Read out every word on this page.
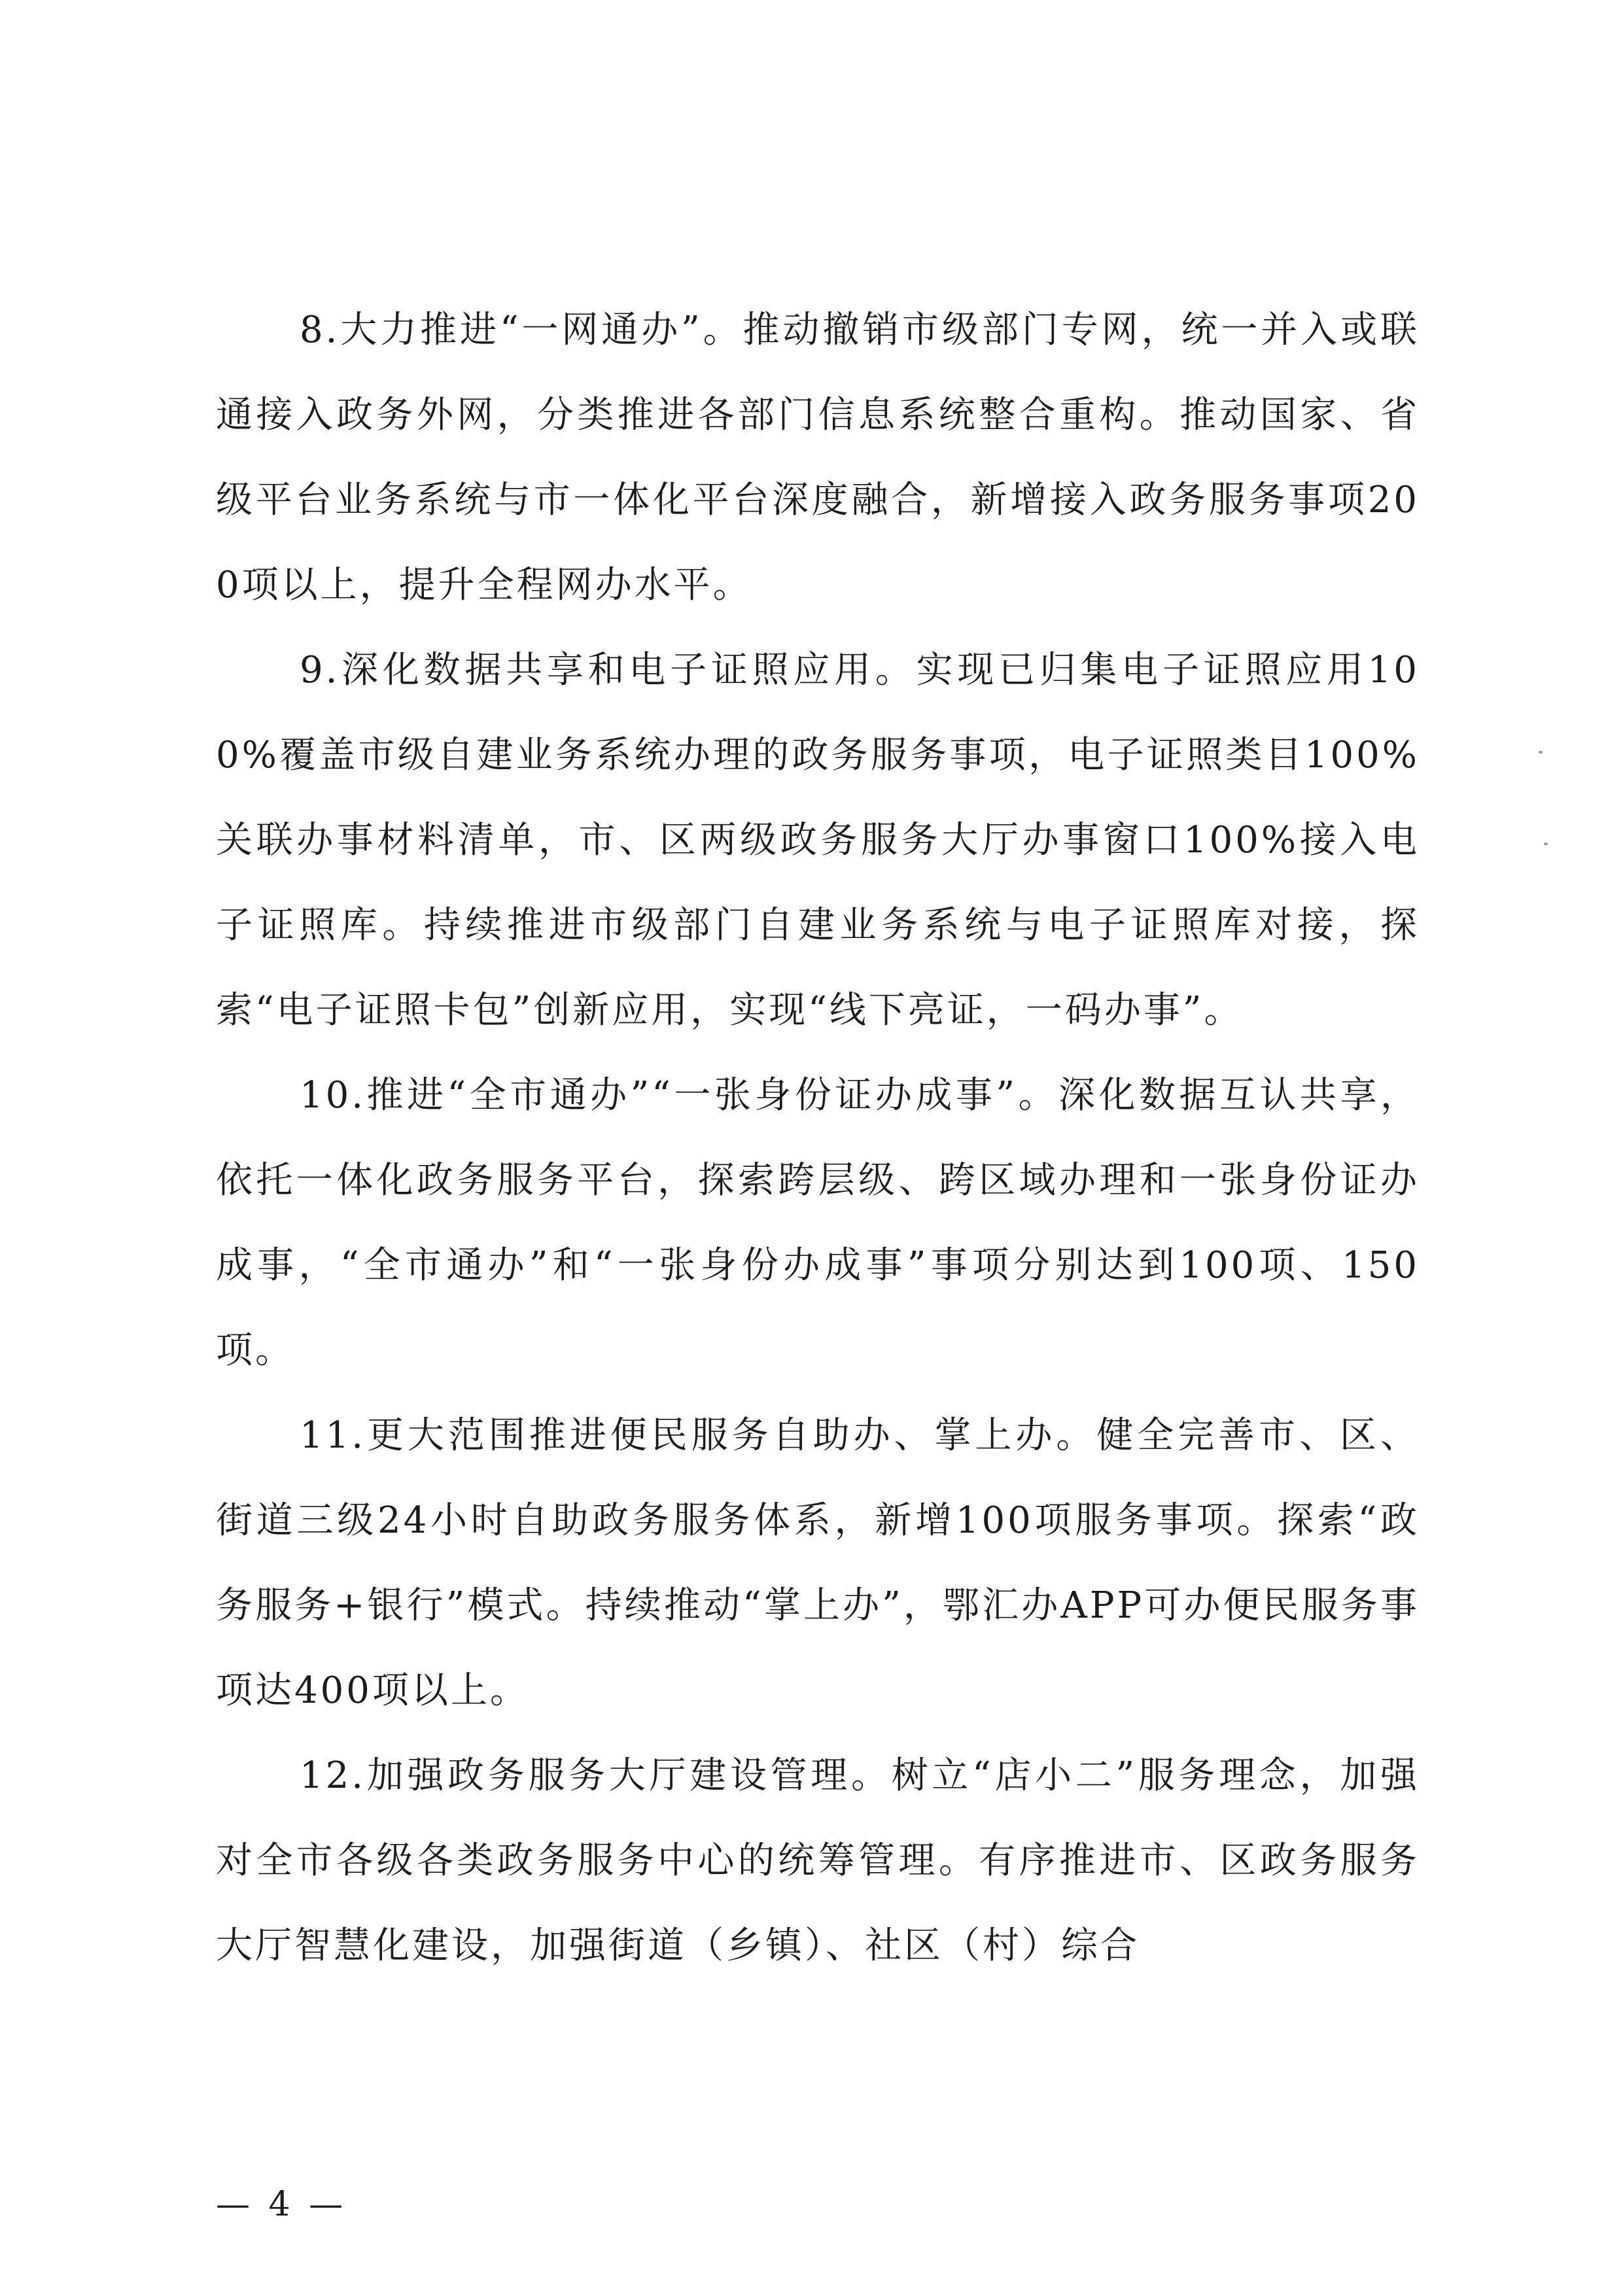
8.大力推进“一网通办”。推动撤销市级部门专网，统一并入或联通接入政务外网，分类推进各部门信息系统整合重构。推动国家、省级平台业务系统与市一体化平台深度融合，新增接入政务服务事项200项以上，提升全程网办水平。

9.深化数据共享和电子证照应用。实现已归集电子证照应用100%覆盖市级自建业务系统办理的政务服务事项，电子证照类目100%关联办事材料清单，市、区两级政务服务大厅办事窗口100%接入电子证照库。持续推进市级部门自建业务系统与电子证照库对接，探索“电子证照卡包”创新应用，实现“线下亮证，一码办事”。

10.推进“全市通办”“一张身份证办成事”。深化数据互认共享，依托一体化政务服务平台，探索跨层级、跨区域办理和一张身份证办成事，“全市通办”和“一张身份办成事”事项分别达到100项、150项。

11.更大范围推进便民服务自助办、掌上办。健全完善市、区、街道三级24小时自助政务服务体系，新增100项服务事项。探索“政务服务+银行”模式。持续推动“掌上办”，鄂汇办APP可办便民服务事项达400项以上。

12.加强政务服务大厅建设管理。树立“店小二”服务理念，加强对全市各级各类政务服务中心的统筹管理。有序推进市、区政务服务大厅智慧化建设，加强街道（乡镇）、社区（村）综合

— 4 —
